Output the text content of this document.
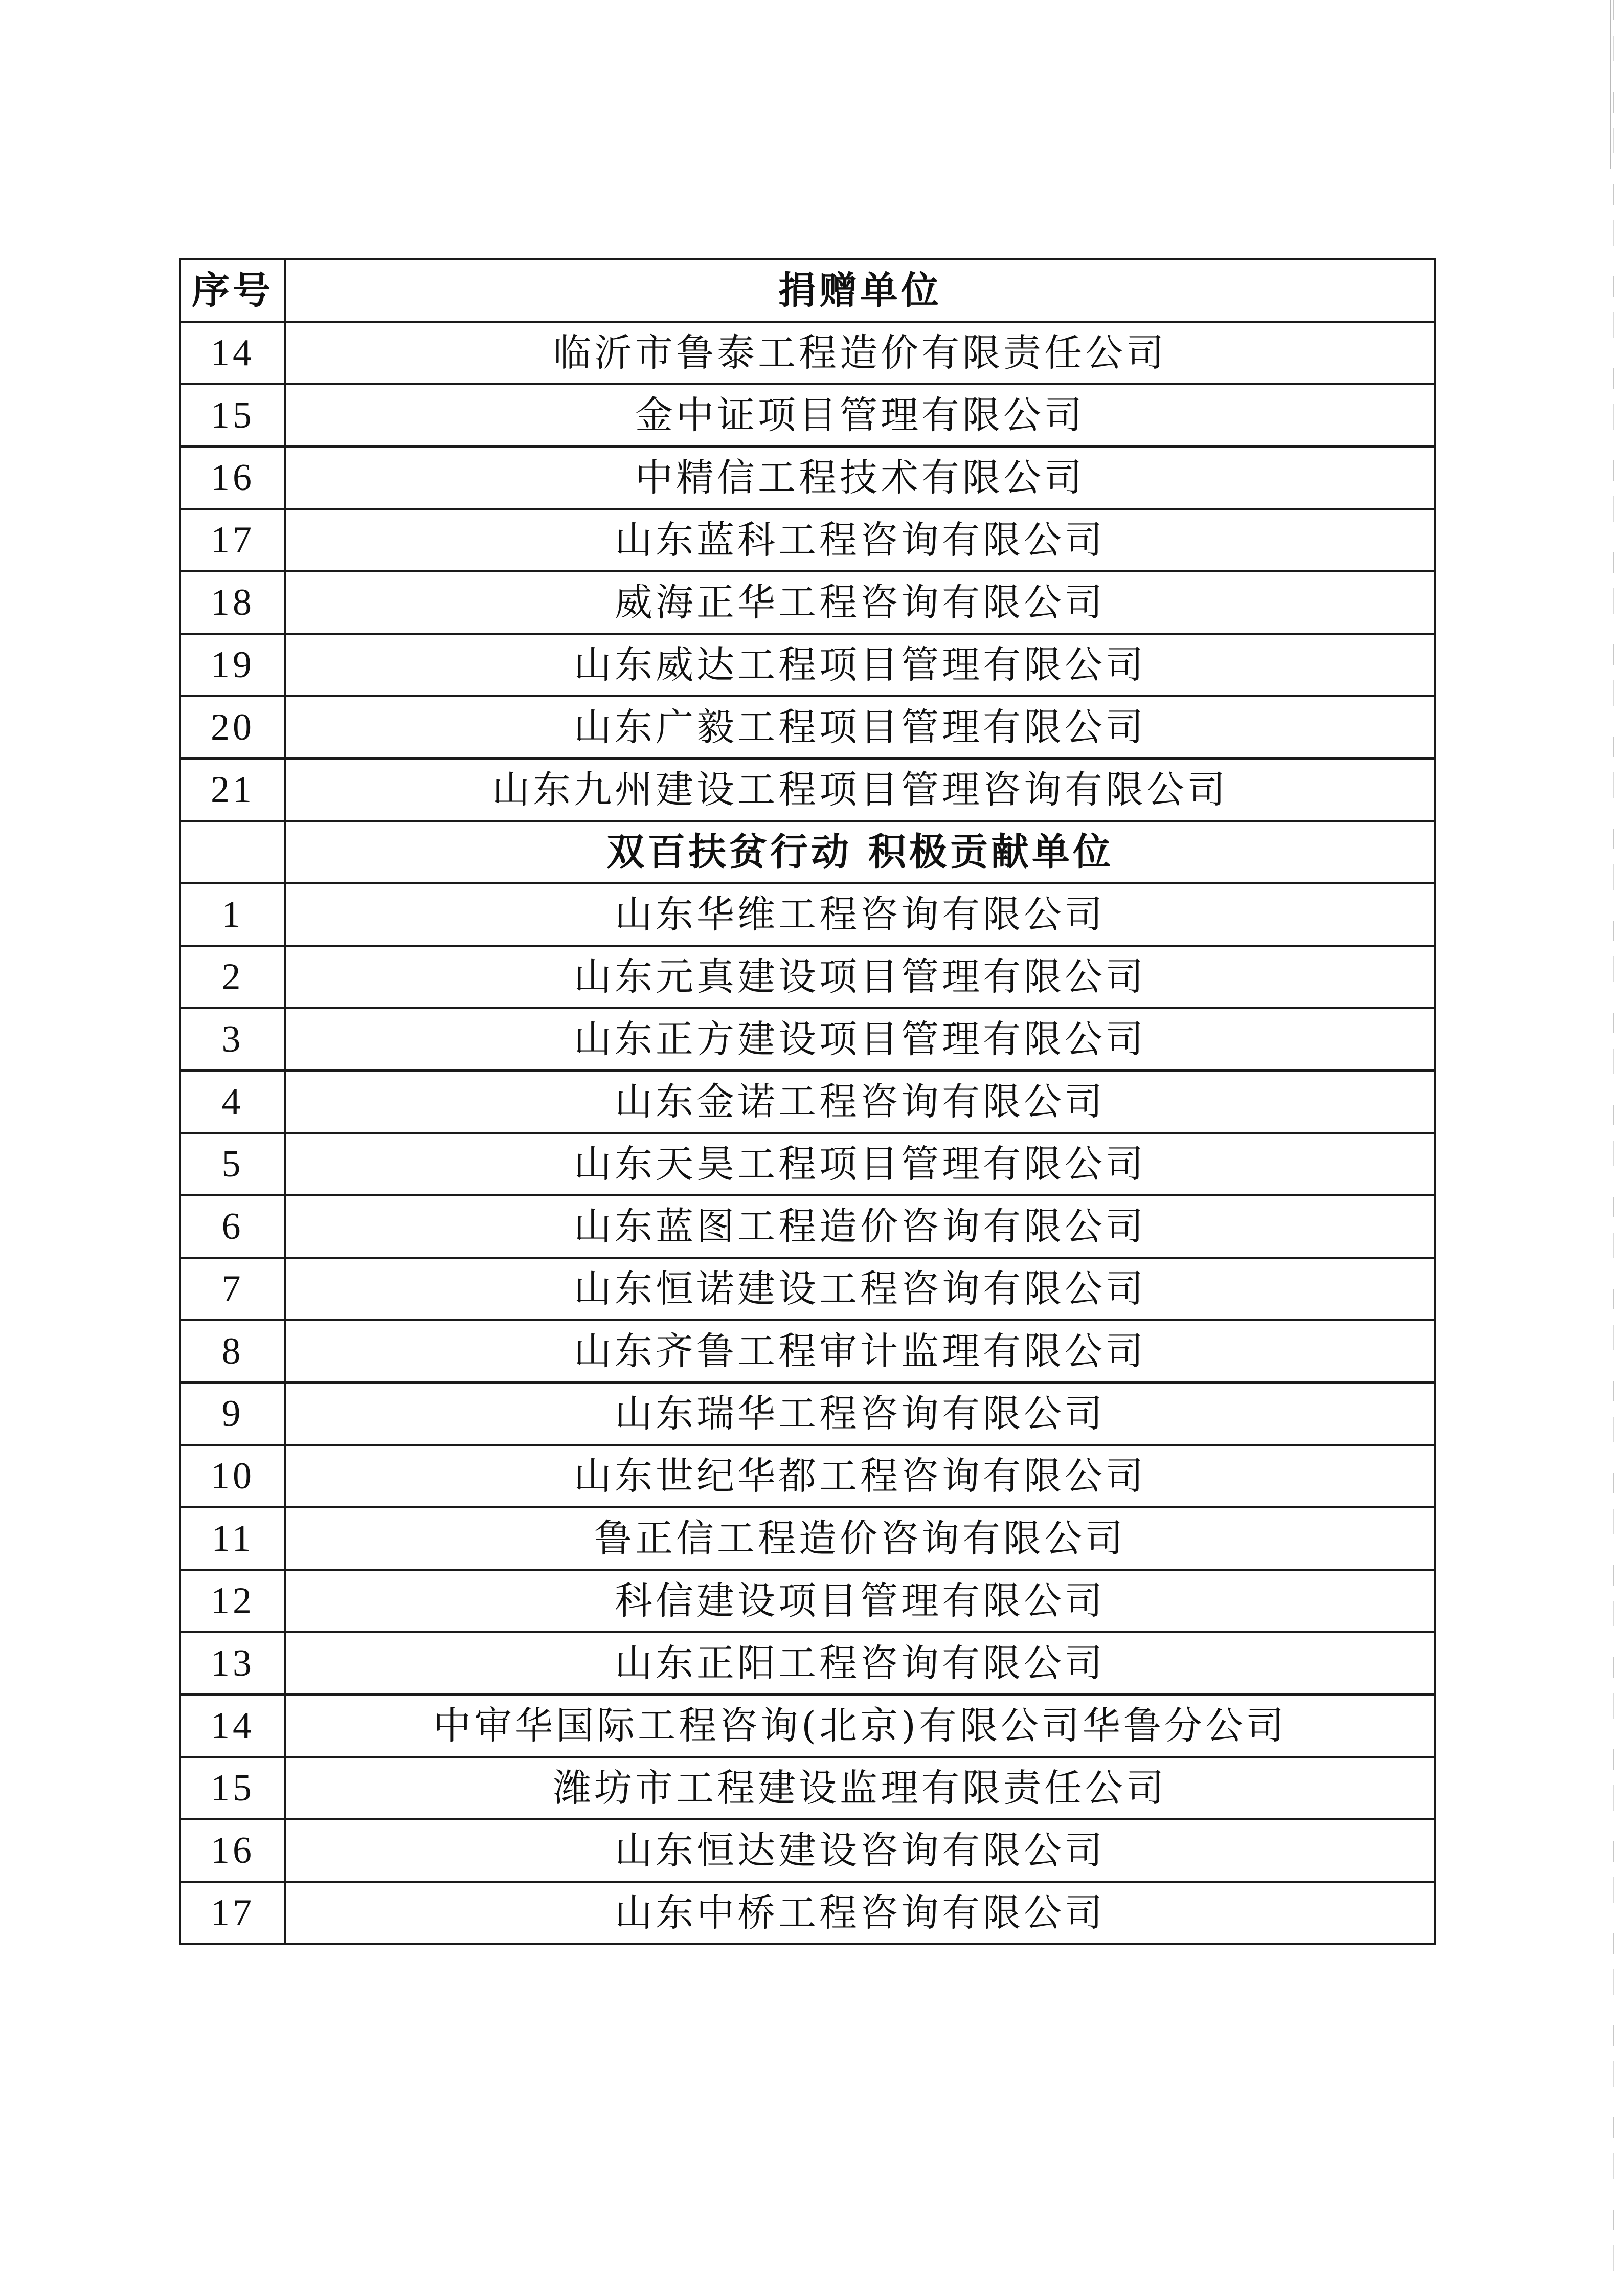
序号	捐赠单位
14	临沂市鲁泰工程造价有限责任公司
15	金中证项目管理有限公司
16	中精信工程技术有限公司
17	山东蓝科工程咨询有限公司
18	威海正华工程咨询有限公司
19	山东威达工程项目管理有限公司
20	山东广毅工程项目管理有限公司
21	山东九州建设工程项目管理咨询有限公司
	双百扶贫行动 积极贡献单位
1	山东华维工程咨询有限公司
2	山东元真建设项目管理有限公司
3	山东正方建设项目管理有限公司
4	山东金诺工程咨询有限公司
5	山东天昊工程项目管理有限公司
6	山东蓝图工程造价咨询有限公司
7	山东恒诺建设工程咨询有限公司
8	山东齐鲁工程审计监理有限公司
9	山东瑞华工程咨询有限公司
10	山东世纪华都工程咨询有限公司
11	鲁正信工程造价咨询有限公司
12	科信建设项目管理有限公司
13	山东正阳工程咨询有限公司
14	中审华国际工程咨询(北京)有限公司华鲁分公司
15	潍坊市工程建设监理有限责任公司
16	山东恒达建设咨询有限公司
17	山东中桥工程咨询有限公司
